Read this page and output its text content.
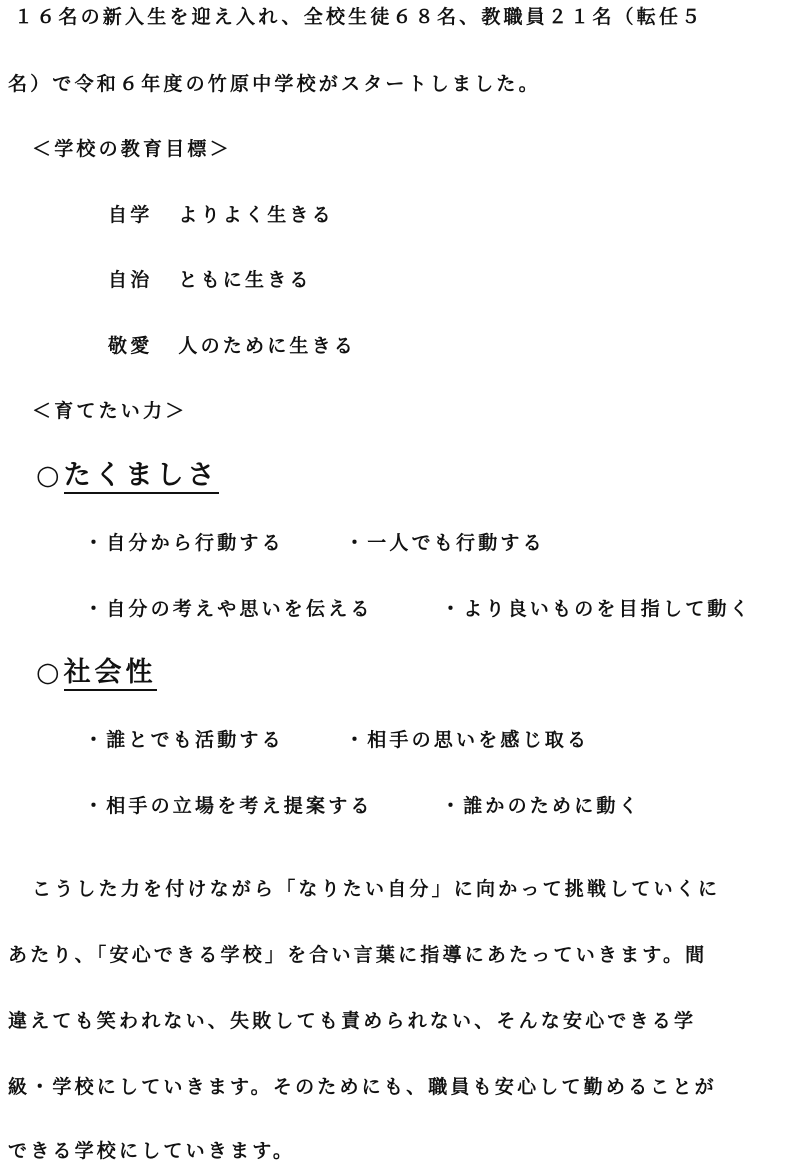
１６名の新入生を迎え入れ、全校生徒６８名、教職員２１名（転任５

名）で令和６年度の竹原中学校がスタートしました。

＜学校の教育目標＞

自学 よりよく生きる

自治 ともに生きる

敬愛 人のために生きる

＜育てたい力＞

○たくましさ

・自分から行動する	・一人でも行動する

・自分の考えや思いを伝える	・より良いものを目指して動く

○社会性

・誰とでも活動する	・相手の思いを感じ取る

・相手の立場を考え提案する	・誰かのために動く

こうした力を付けながら「なりたい自分」に向かって挑戦していくに

あたり、「安心できる学校」を合い言葉に指導にあたっていきます。間

違えても笑われない、失敗しても責められない、そんな安心できる学

級・学校にしていきます。そのためにも、職員も安心して勤めることが

できる学校にしていきます。
